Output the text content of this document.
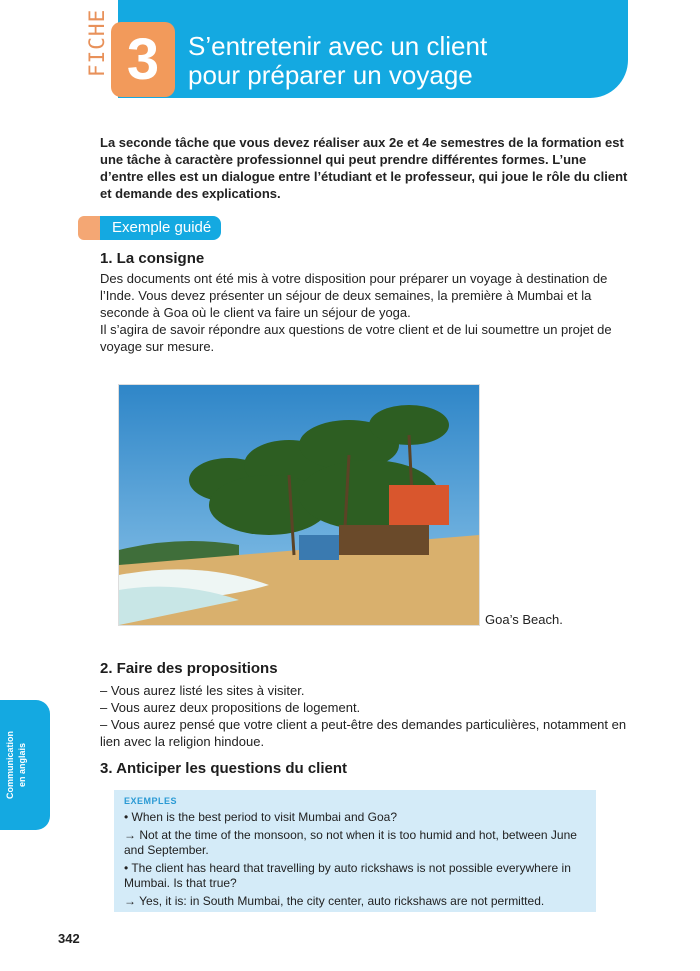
FICHE 3	S’entretenir avec un client
pour préparer un voyage
La seconde tâche que vous devez réaliser aux 2e et 4e semestres de la formation est une tâche à caractère professionnel qui peut prendre différentes formes. L’une d’entre elles est un dialogue entre l’étudiant et le professeur, qui joue le rôle du client et demande des explications.
Exemple guidé
1. La consigne
Des documents ont été mis à votre disposition pour préparer un voyage à destination de l’Inde. Vous devez présenter un séjour de deux semaines, la première à Mumbai et la seconde à Goa où le client va faire un séjour de yoga.
Il s’agira de savoir répondre aux questions de votre client et de lui soumettre un projet de voyage sur mesure.
Goa’s Beach.
2. Faire des propositions
– Vous aurez listé les sites à visiter.
– Vous aurez deux propositions de logement.
– Vous aurez pensé que votre client a peut-être des demandes particulières, notamment en lien avec la religion hindoue.
3. Anticiper les questions du client
EXEMPLES
• When is the best period to visit Mumbai and Goa?
→ Not at the time of the monsoon, so not when it is too humid and hot, between June and September.
• The client has heard that travelling by auto rickshaws is not possible everywhere in Mumbai. Is that true?
→ Yes, it is: in South Mumbai, the city center, auto rickshaws are not permitted.
Communication en anglais
342
